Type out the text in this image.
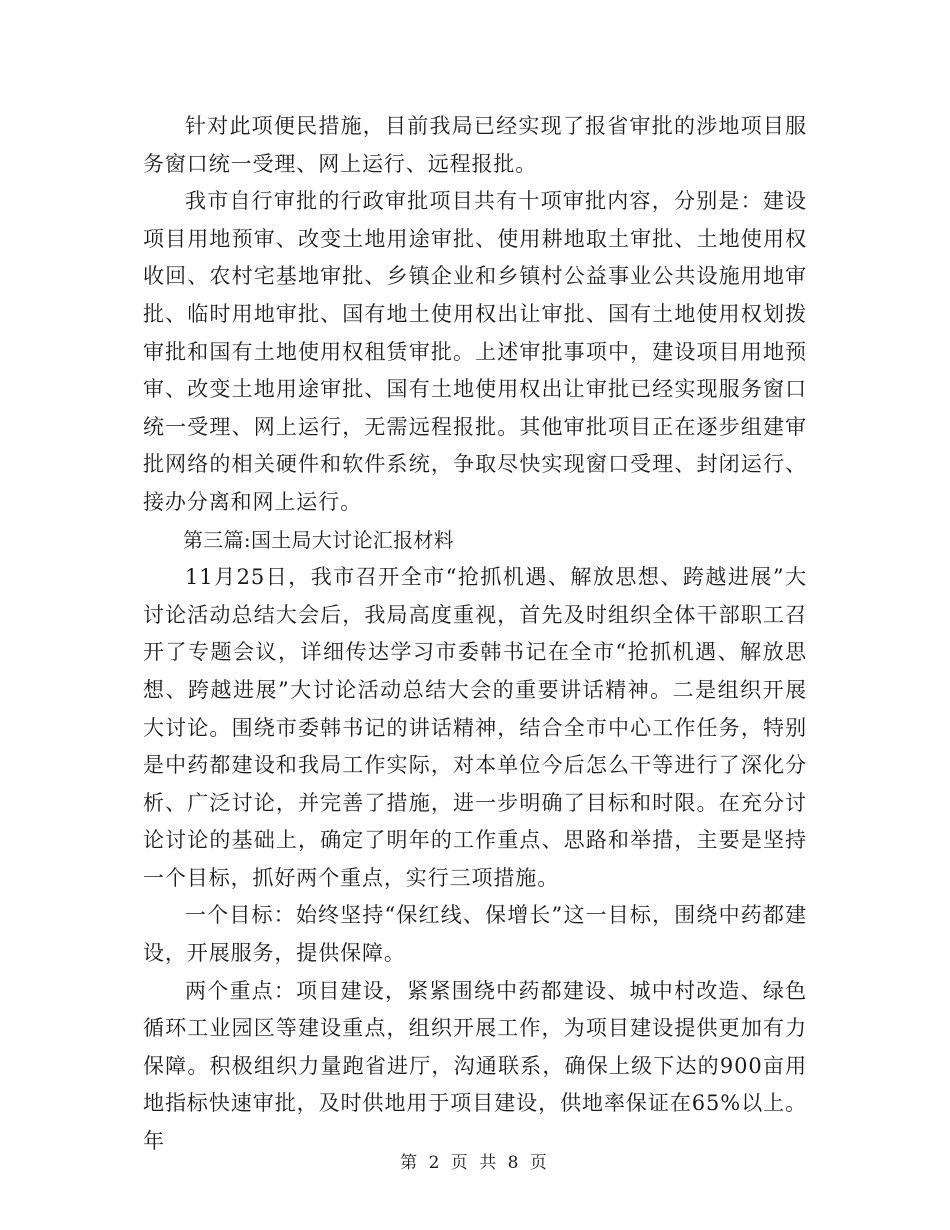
针对此项便民措施，目前我局已经实现了报省审批的涉地项目服务窗口统一受理、网上运行、远程报批。

我市自行审批的行政审批项目共有十项审批内容，分别是：建设项目用地预审、改变土地用途审批、使用耕地取土审批、土地使用权收回、农村宅基地审批、乡镇企业和乡镇村公益事业公共设施用地审批、临时用地审批、国有地土使用权出让审批、国有土地使用权划拨审批和国有土地使用权租赁审批。上述审批事项中，建设项目用地预审、改变土地用途审批、国有土地使用权出让审批已经实现服务窗口统一受理、网上运行，无需远程报批。其他审批项目正在逐步组建审批网络的相关硬件和软件系统，争取尽快实现窗口受理、封闭运行、接办分离和网上运行。

第三篇:国土局大讨论汇报材料

11月25日，我市召开全市“抢抓机遇、解放思想、跨越进展”大讨论活动总结大会后，我局高度重视，首先及时组织全体干部职工召开了专题会议，详细传达学习市委韩书记在全市“抢抓机遇、解放思想、跨越进展”大讨论活动总结大会的重要讲话精神。二是组织开展大讨论。围绕市委韩书记的讲话精神，结合全市中心工作任务，特别是中药都建设和我局工作实际，对本单位今后怎么干等进行了深化分析、广泛讨论，并完善了措施，进一步明确了目标和时限。在充分讨论讨论的基础上，确定了明年的工作重点、思路和举措，主要是坚持一个目标，抓好两个重点，实行三项措施。

一个目标：始终坚持“保红线、保增长”这一目标，围绕中药都建设，开展服务，提供保障。

两个重点：项目建设，紧紧围绕中药都建设、城中村改造、绿色循环工业园区等建设重点，组织开展工作，为项目建设提供更加有力保障。积极组织力量跑省进厅，沟通联系，确保上级下达的900亩用地指标快速审批，及时供地用于项目建设，供地率保证在65%以上。年

第 2 页 共 8 页
